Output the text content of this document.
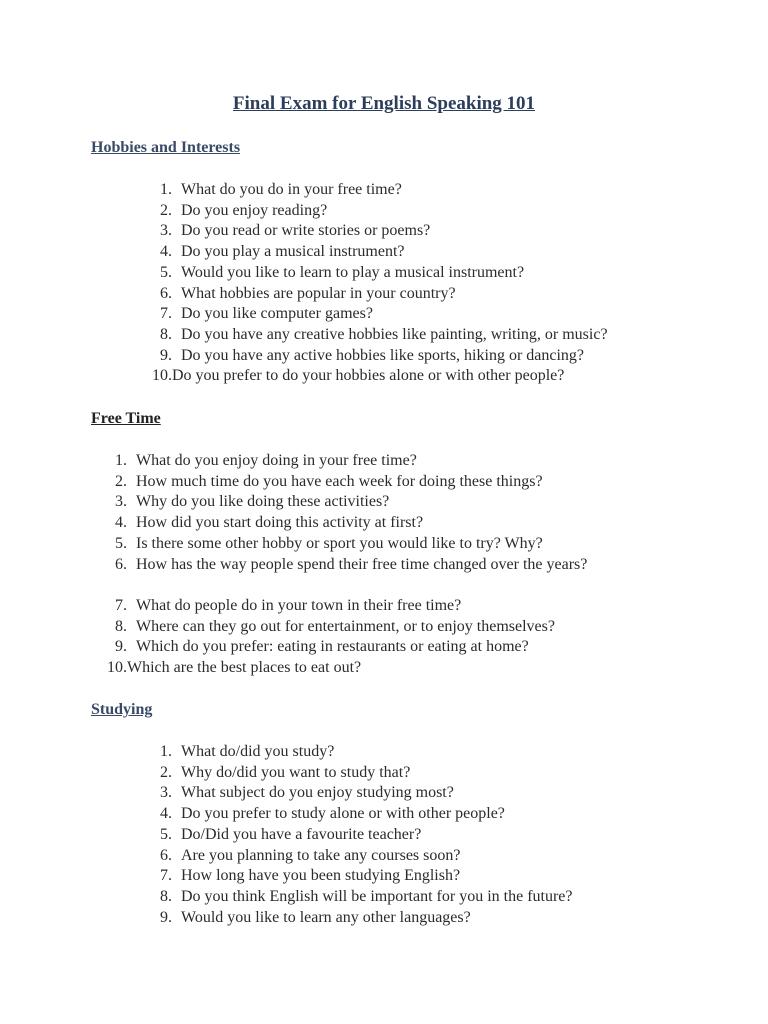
Final Exam for English Speaking 101
Hobbies and Interests
1. What do you do in your free time?
2. Do you enjoy reading?
3. Do you read or write stories or poems?
4. Do you play a musical instrument?
5. Would you like to learn to play a musical instrument?
6. What hobbies are popular in your country?
7. Do you like computer games?
8. Do you have any creative hobbies like painting, writing, or music?
9. Do you have any active hobbies like sports, hiking or dancing?
10. Do you prefer to do your hobbies alone or with other people?
Free Time
1. What do you enjoy doing in your free time?
2. How much time do you have each week for doing these things?
3. Why do you like doing these activities?
4. How did you start doing this activity at first?
5. Is there some other hobby or sport you would like to try? Why?
6. How has the way people spend their free time changed over the years?
7. What do people do in your town in their free time?
8. Where can they go out for entertainment, or to enjoy themselves?
9. Which do you prefer: eating in restaurants or eating at home?
10. Which are the best places to eat out?
Studying
1. What do/did you study?
2. Why do/did you want to study that?
3. What subject do you enjoy studying most?
4. Do you prefer to study alone or with other people?
5. Do/Did you have a favourite teacher?
6. Are you planning to take any courses soon?
7. How long have you been studying English?
8. Do you think English will be important for you in the future?
9. Would you like to learn any other languages?
